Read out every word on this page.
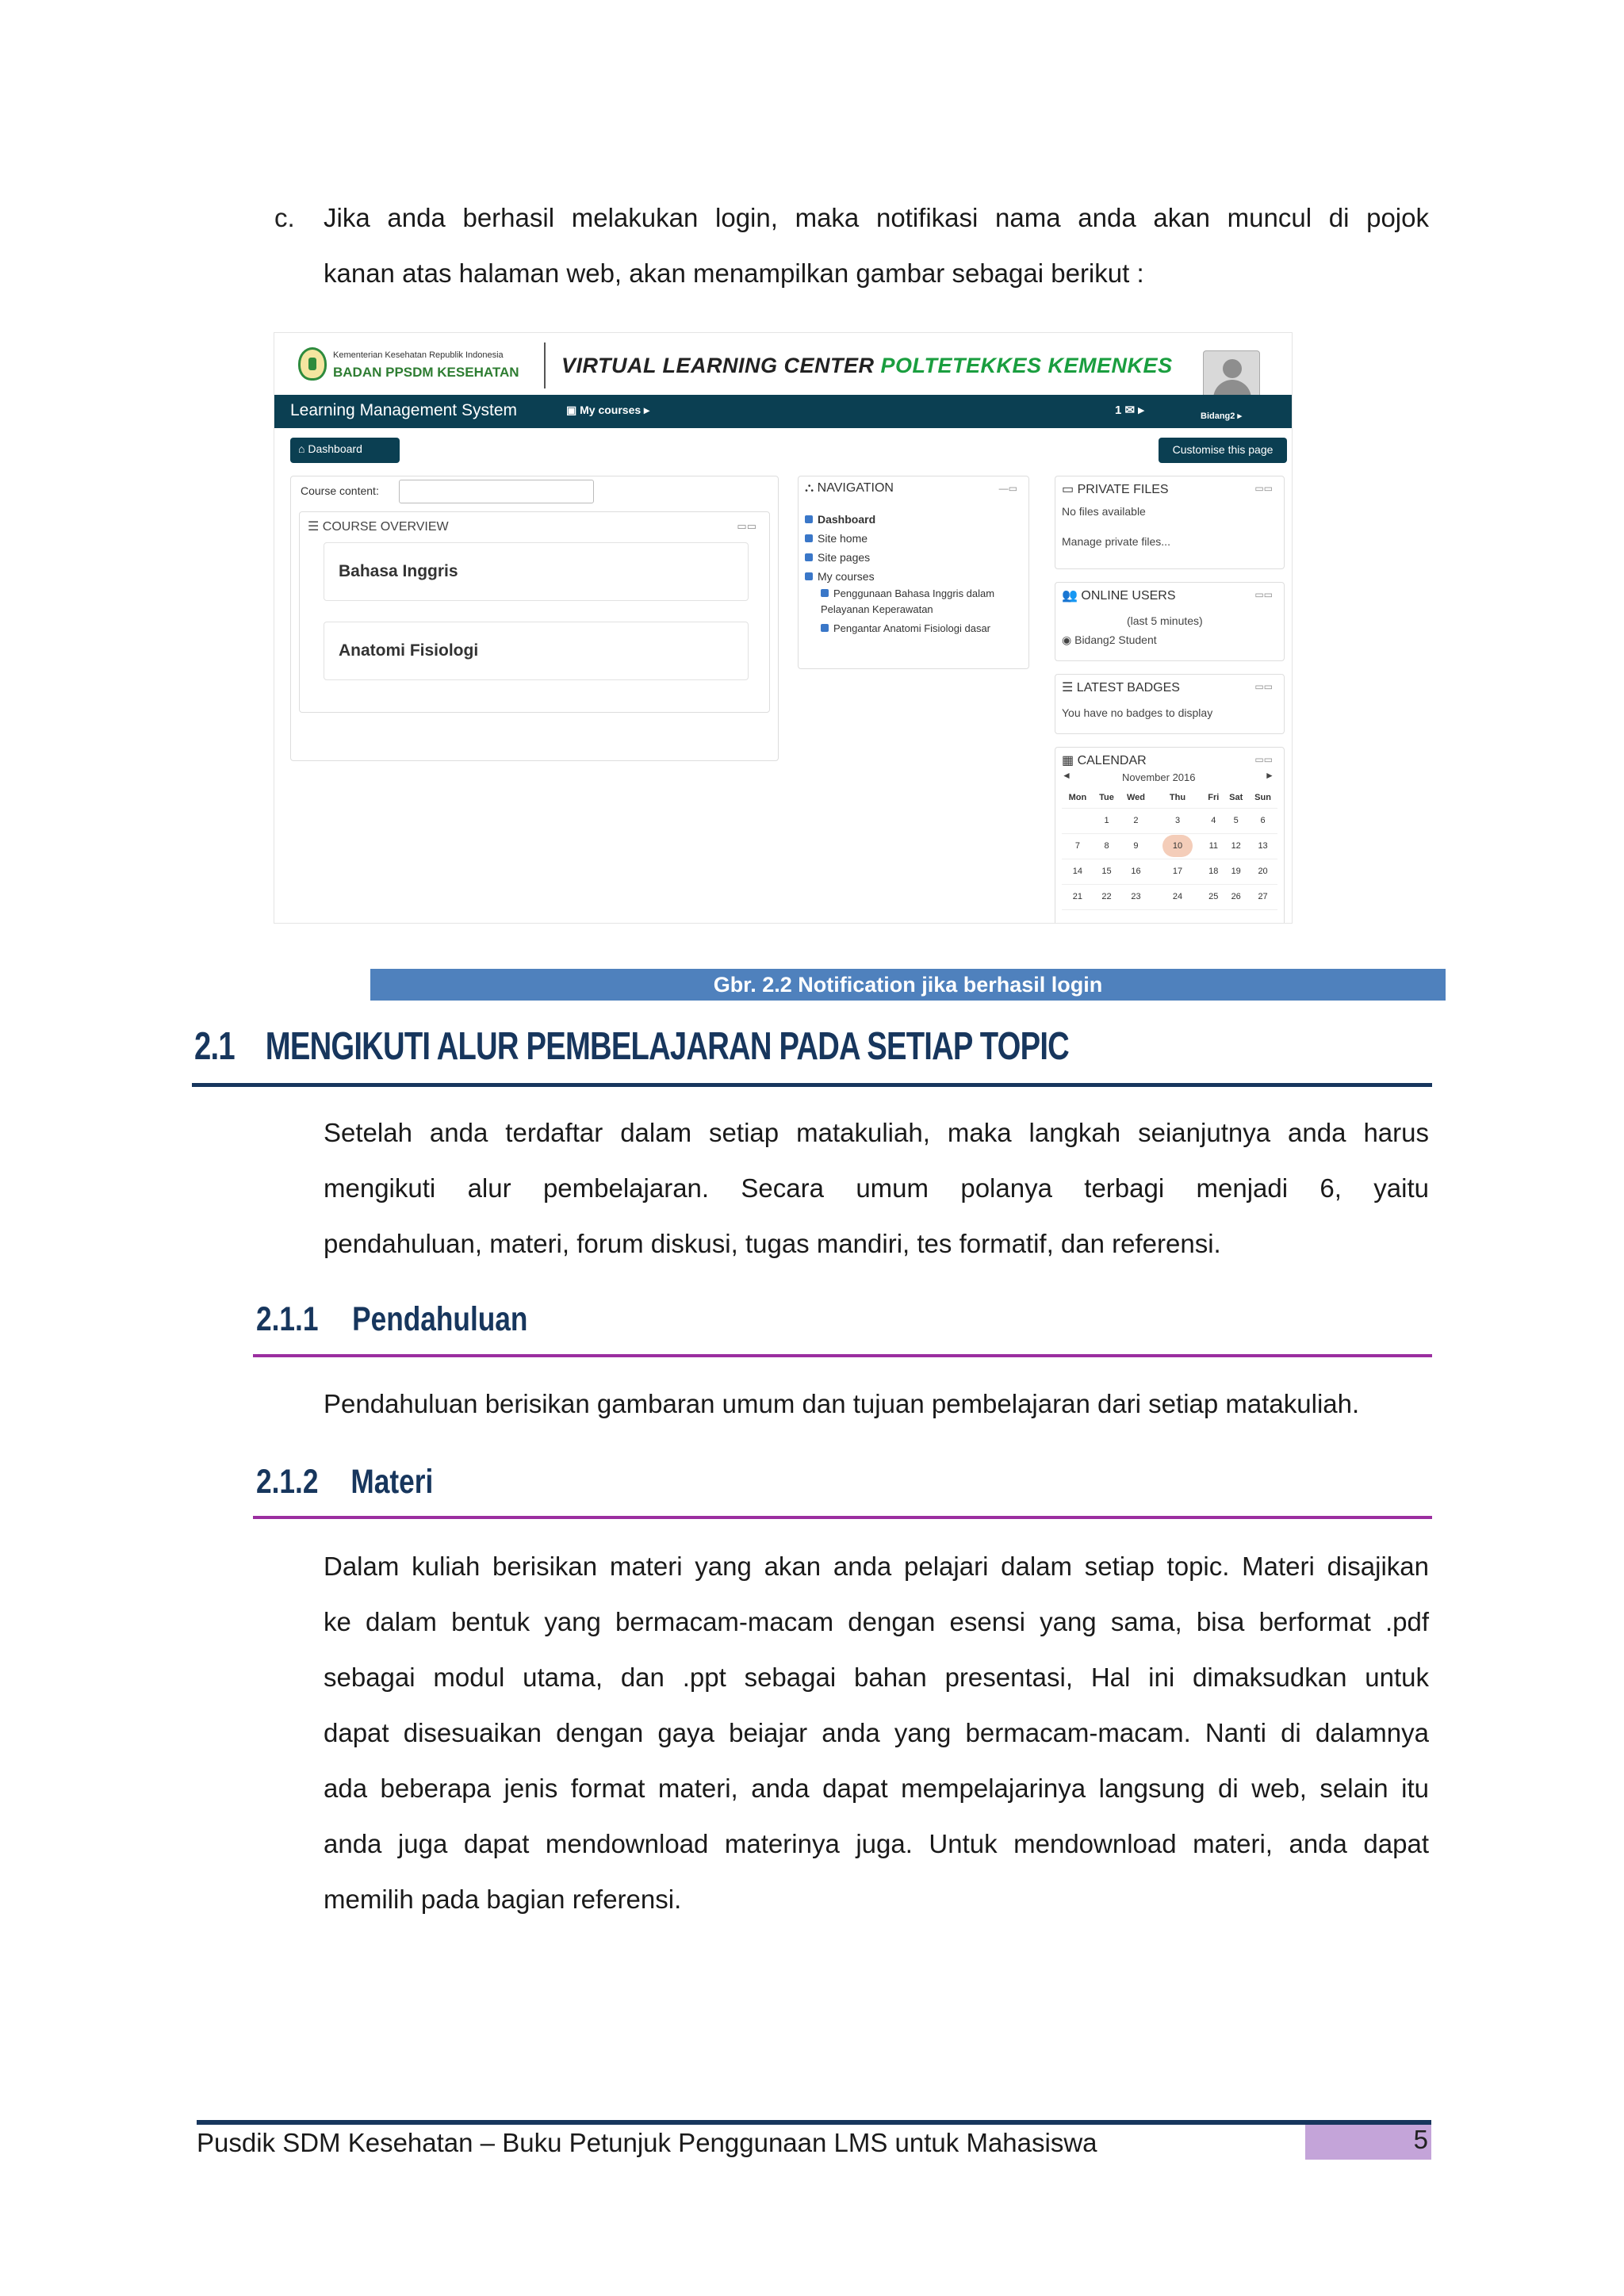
c. Jika anda berhasil melakukan login, maka notifikasi nama anda akan muncul di pojok
kanan atas halaman web, akan menampilkan gambar sebagai berikut :
Kementerian Kesehatan Republik Indonesia
BADAN PPSDM KESEHATAN VIRTUAL LEARNING CENTER POLTETEKKES KEMENKES
Learning Management System	▣ My courses ▸	1 ✉ ▸	Bidang2 ▸
⌂ Dashboard	Customise this page
Course content:
☰ COURSE OVERVIEW	▭▭
Bahasa Inggris
Anatomi Fisiologi
⛬ NAVIGATION	—▭
Dashboard
Site home
Site pages
My courses
Penggunaan Bahasa Inggris dalam Pelayanan Keperawatan
Pengantar Anatomi Fisiologi dasar
▭ PRIVATE FILES	▭▭
No files available
Manage private files...
👥 ONLINE USERS	▭▭
(last 5 minutes)
◉ Bidang2 Student
☰ LATEST BADGES	▭▭
You have no badges to display
▦ CALENDAR	▭▭
◄	November 2016	►
Mon	Tue	Wed	Thu	Fri	Sat	Sun
	1	2	3	4	5	6
7	8	9	10	11	12	13
14	15	16	17	18	19	20
21	22	23	24	25	26	27
Gbr. 2.2 Notification jika berhasil login
2.1 MENGIKUTI ALUR PEMBELAJARAN PADA SETIAP TOPIC
Setelah anda terdaftar dalam setiap matakuliah, maka langkah seianjutnya anda harus
mengikuti alur pembelajaran. Secara umum polanya terbagi menjadi 6, yaitu
pendahuluan, materi, forum diskusi, tugas mandiri, tes formatif, dan referensi.
2.1.1 Pendahuluan
Pendahuluan berisikan gambaran umum dan tujuan pembelajaran dari setiap matakuliah.
2.1.2 Materi
Dalam kuliah berisikan materi yang akan anda pelajari dalam setiap topic. Materi disajikan
ke dalam bentuk yang bermacam-macam dengan esensi yang sama, bisa berformat .pdf
sebagai modul utama, dan .ppt sebagai bahan presentasi, Hal ini dimaksudkan untuk
dapat disesuaikan dengan gaya beiajar anda yang bermacam-macam. Nanti di dalamnya
ada beberapa jenis format materi, anda dapat mempelajarinya langsung di web, selain itu
anda juga dapat mendownload materinya juga. Untuk mendownload materi, anda dapat
memilih pada bagian referensi.
Pusdik SDM Kesehatan – Buku Petunjuk Penggunaan LMS untuk Mahasiswa	5
